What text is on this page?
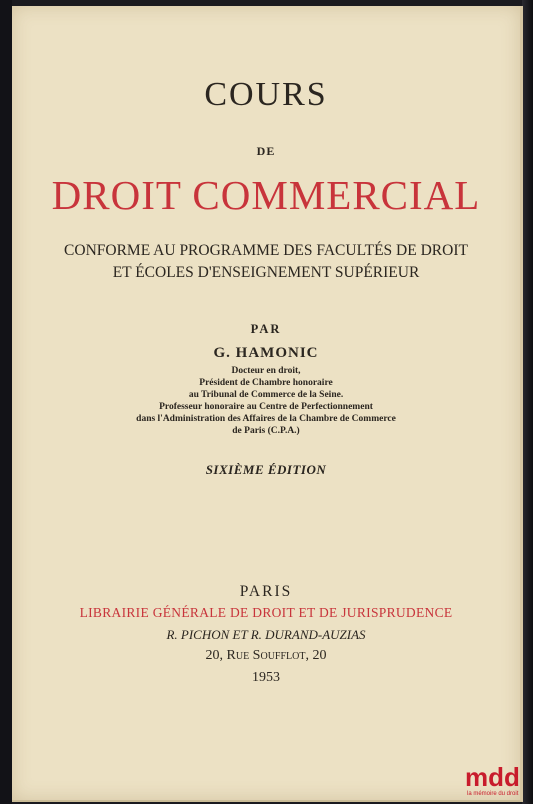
COURS
DE
DROIT COMMERCIAL
CONFORME AU PROGRAMME DES FACULTÉS DE DROIT
ET ÉCOLES D'ENSEIGNEMENT SUPÉRIEUR
PAR
G. HAMONIC
Docteur en droit,
Président de Chambre honoraire
au Tribunal de Commerce de la Seine.
Professeur honoraire au Centre de Perfectionnement
dans l'Administration des Affaires de la Chambre de Commerce
de Paris (C.P.A.)
SIXIÈME ÉDITION
PARIS
LIBRAIRIE GÉNÉRALE DE DROIT ET DE JURISPRUDENCE
R. PICHON ET R. DURAND-AUZIAS
20, Rue Soufflot, 20
1953
mdd
la mémoire du droit
